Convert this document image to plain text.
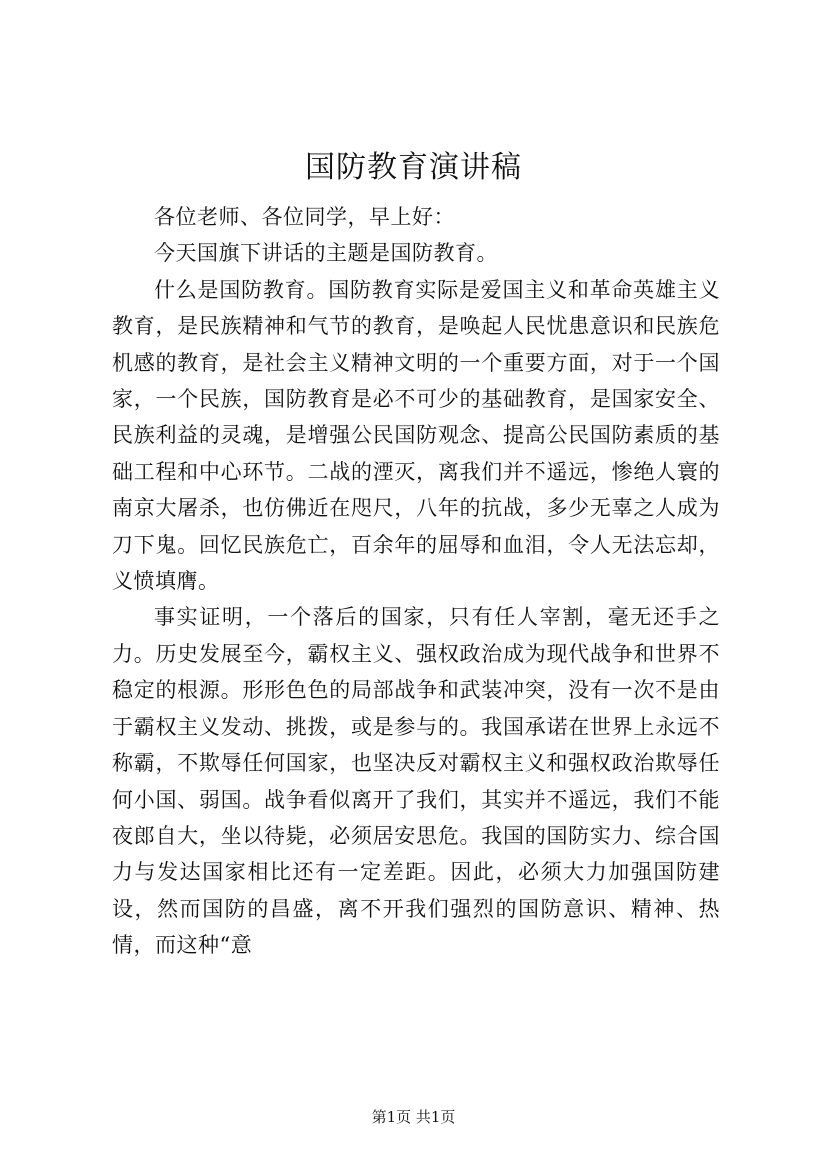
国防教育演讲稿

各位老师、各位同学，早上好：

今天国旗下讲话的主题是国防教育。

什么是国防教育。国防教育实际是爱国主义和革命英雄主义教育，是民族精神和气节的教育，是唤起人民忧患意识和民族危机感的教育，是社会主义精神文明的一个重要方面，对于一个国家，一个民族，国防教育是必不可少的基础教育，是国家安全、民族利益的灵魂，是增强公民国防观念、提高公民国防素质的基础工程和中心环节。二战的湮灭，离我们并不遥远，惨绝人寰的南京大屠杀，也仿佛近在咫尺，八年的抗战，多少无辜之人成为刀下鬼。回忆民族危亡，百余年的屈辱和血泪，令人无法忘却，义愤填膺。

事实证明，一个落后的国家，只有任人宰割，毫无还手之力。历史发展至今，霸权主义、强权政治成为现代战争和世界不稳定的根源。形形色色的局部战争和武装冲突，没有一次不是由于霸权主义发动、挑拨，或是参与的。我国承诺在世界上永远不称霸，不欺辱任何国家，也坚决反对霸权主义和强权政治欺辱任何小国、弱国。战争看似离开了我们，其实并不遥远，我们不能夜郎自大，坐以待毙，必须居安思危。我国的国防实力、综合国力与发达国家相比还有一定差距。因此，必须大力加强国防建设，然而国防的昌盛，离不开我们强烈的国防意识、精神、热情，而这种“意

第1页 共1页
